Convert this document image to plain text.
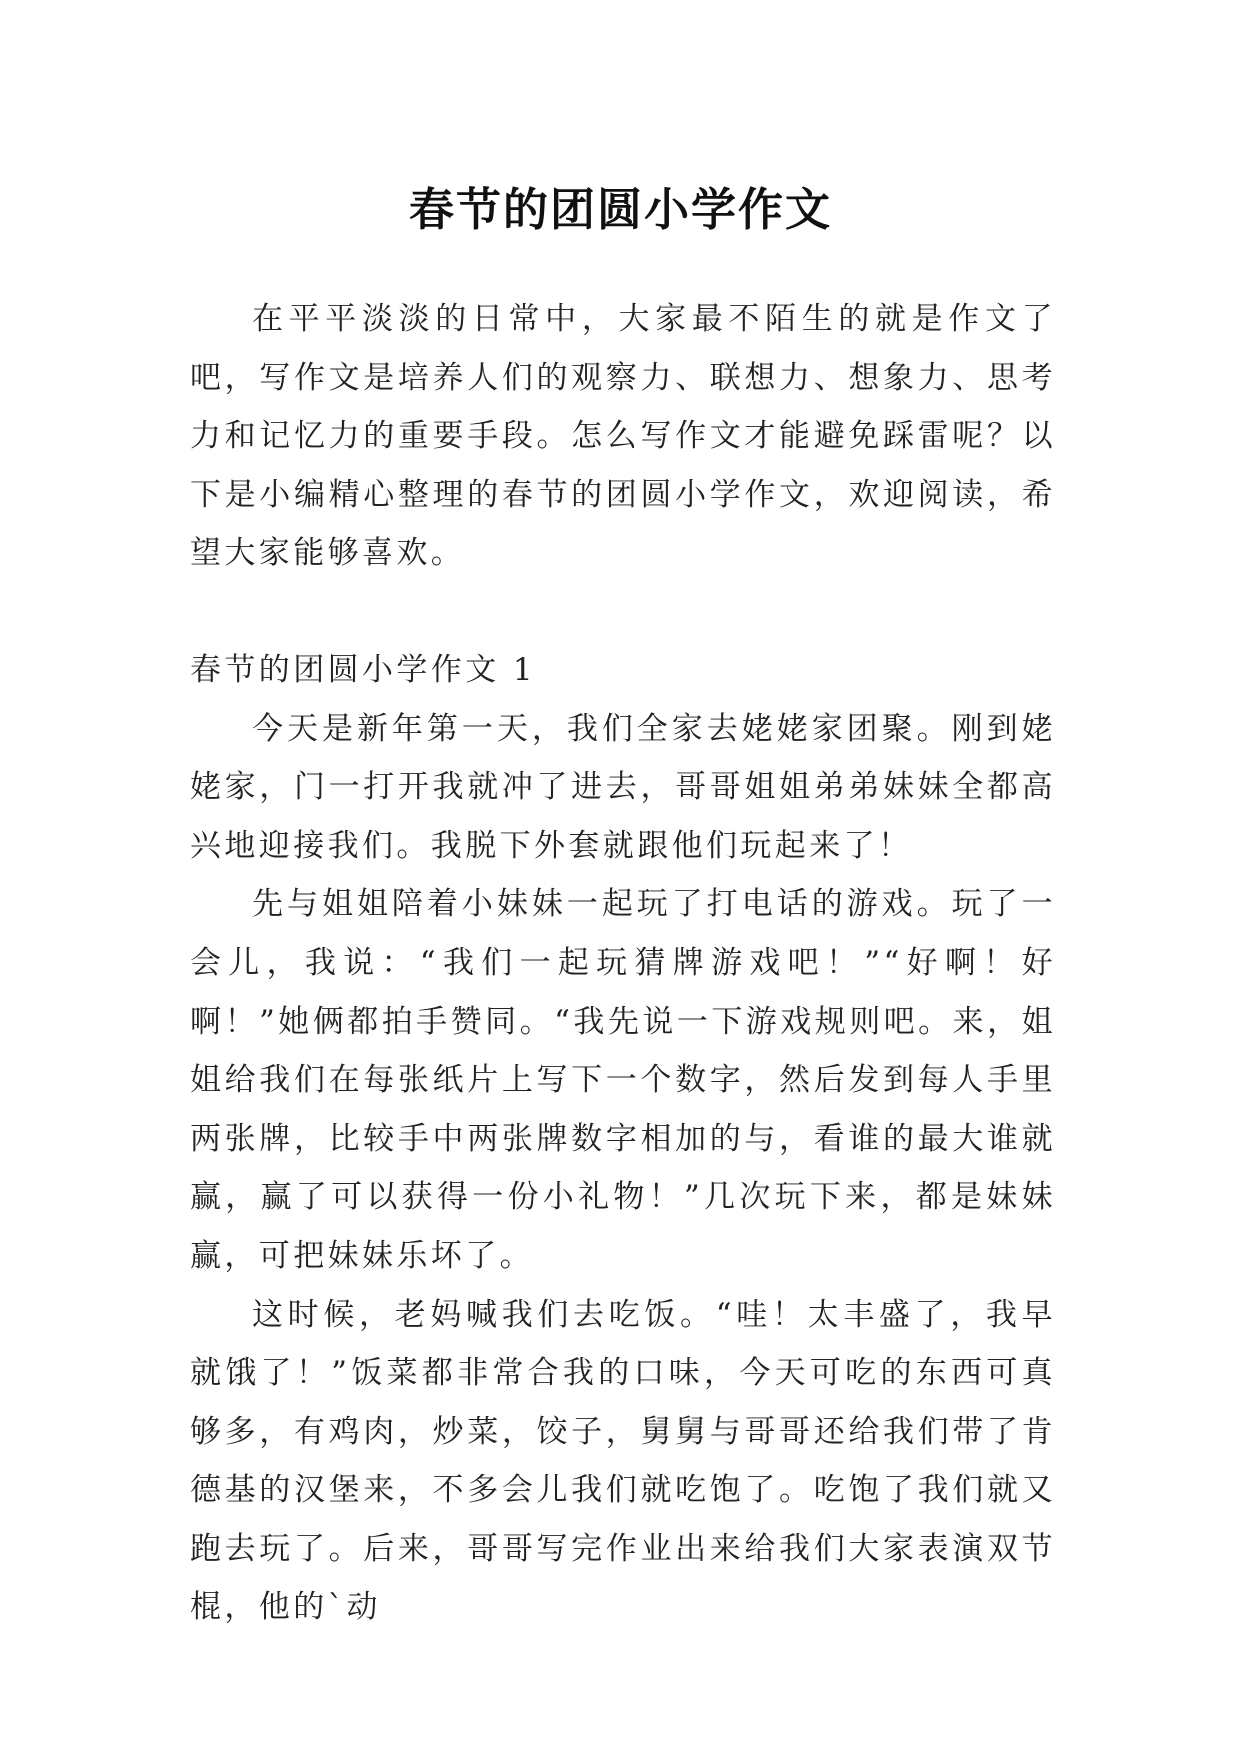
春节的团圆小学作文

在平平淡淡的日常中，大家最不陌生的就是作文了吧，写作文是培养人们的观察力、联想力、想象力、思考力和记忆力的重要手段。怎么写作文才能避免踩雷呢？以下是小编精心整理的春节的团圆小学作文，欢迎阅读，希望大家能够喜欢。

春节的团圆小学作文 1

今天是新年第一天，我们全家去姥姥家团聚。刚到姥姥家，门一打开我就冲了进去，哥哥姐姐弟弟妹妹全都高兴地迎接我们。我脱下外套就跟他们玩起来了！

先与姐姐陪着小妹妹一起玩了打电话的游戏。玩了一会儿，我说：“我们一起玩猜牌游戏吧！”“好啊！好啊！”她俩都拍手赞同。“我先说一下游戏规则吧。来，姐姐给我们在每张纸片上写下一个数字，然后发到每人手里两张牌，比较手中两张牌数字相加的与，看谁的最大谁就赢，赢了可以获得一份小礼物！”几次玩下来，都是妹妹赢，可把妹妹乐坏了。

这时候，老妈喊我们去吃饭。“哇！太丰盛了，我早就饿了！”饭菜都非常合我的口味，今天可吃的东西可真够多，有鸡肉，炒菜，饺子，舅舅与哥哥还给我们带了肯德基的汉堡来，不多会儿我们就吃饱了。吃饱了我们就又跑去玩了。后来，哥哥写完作业出来给我们大家表演双节棍，他的`动
